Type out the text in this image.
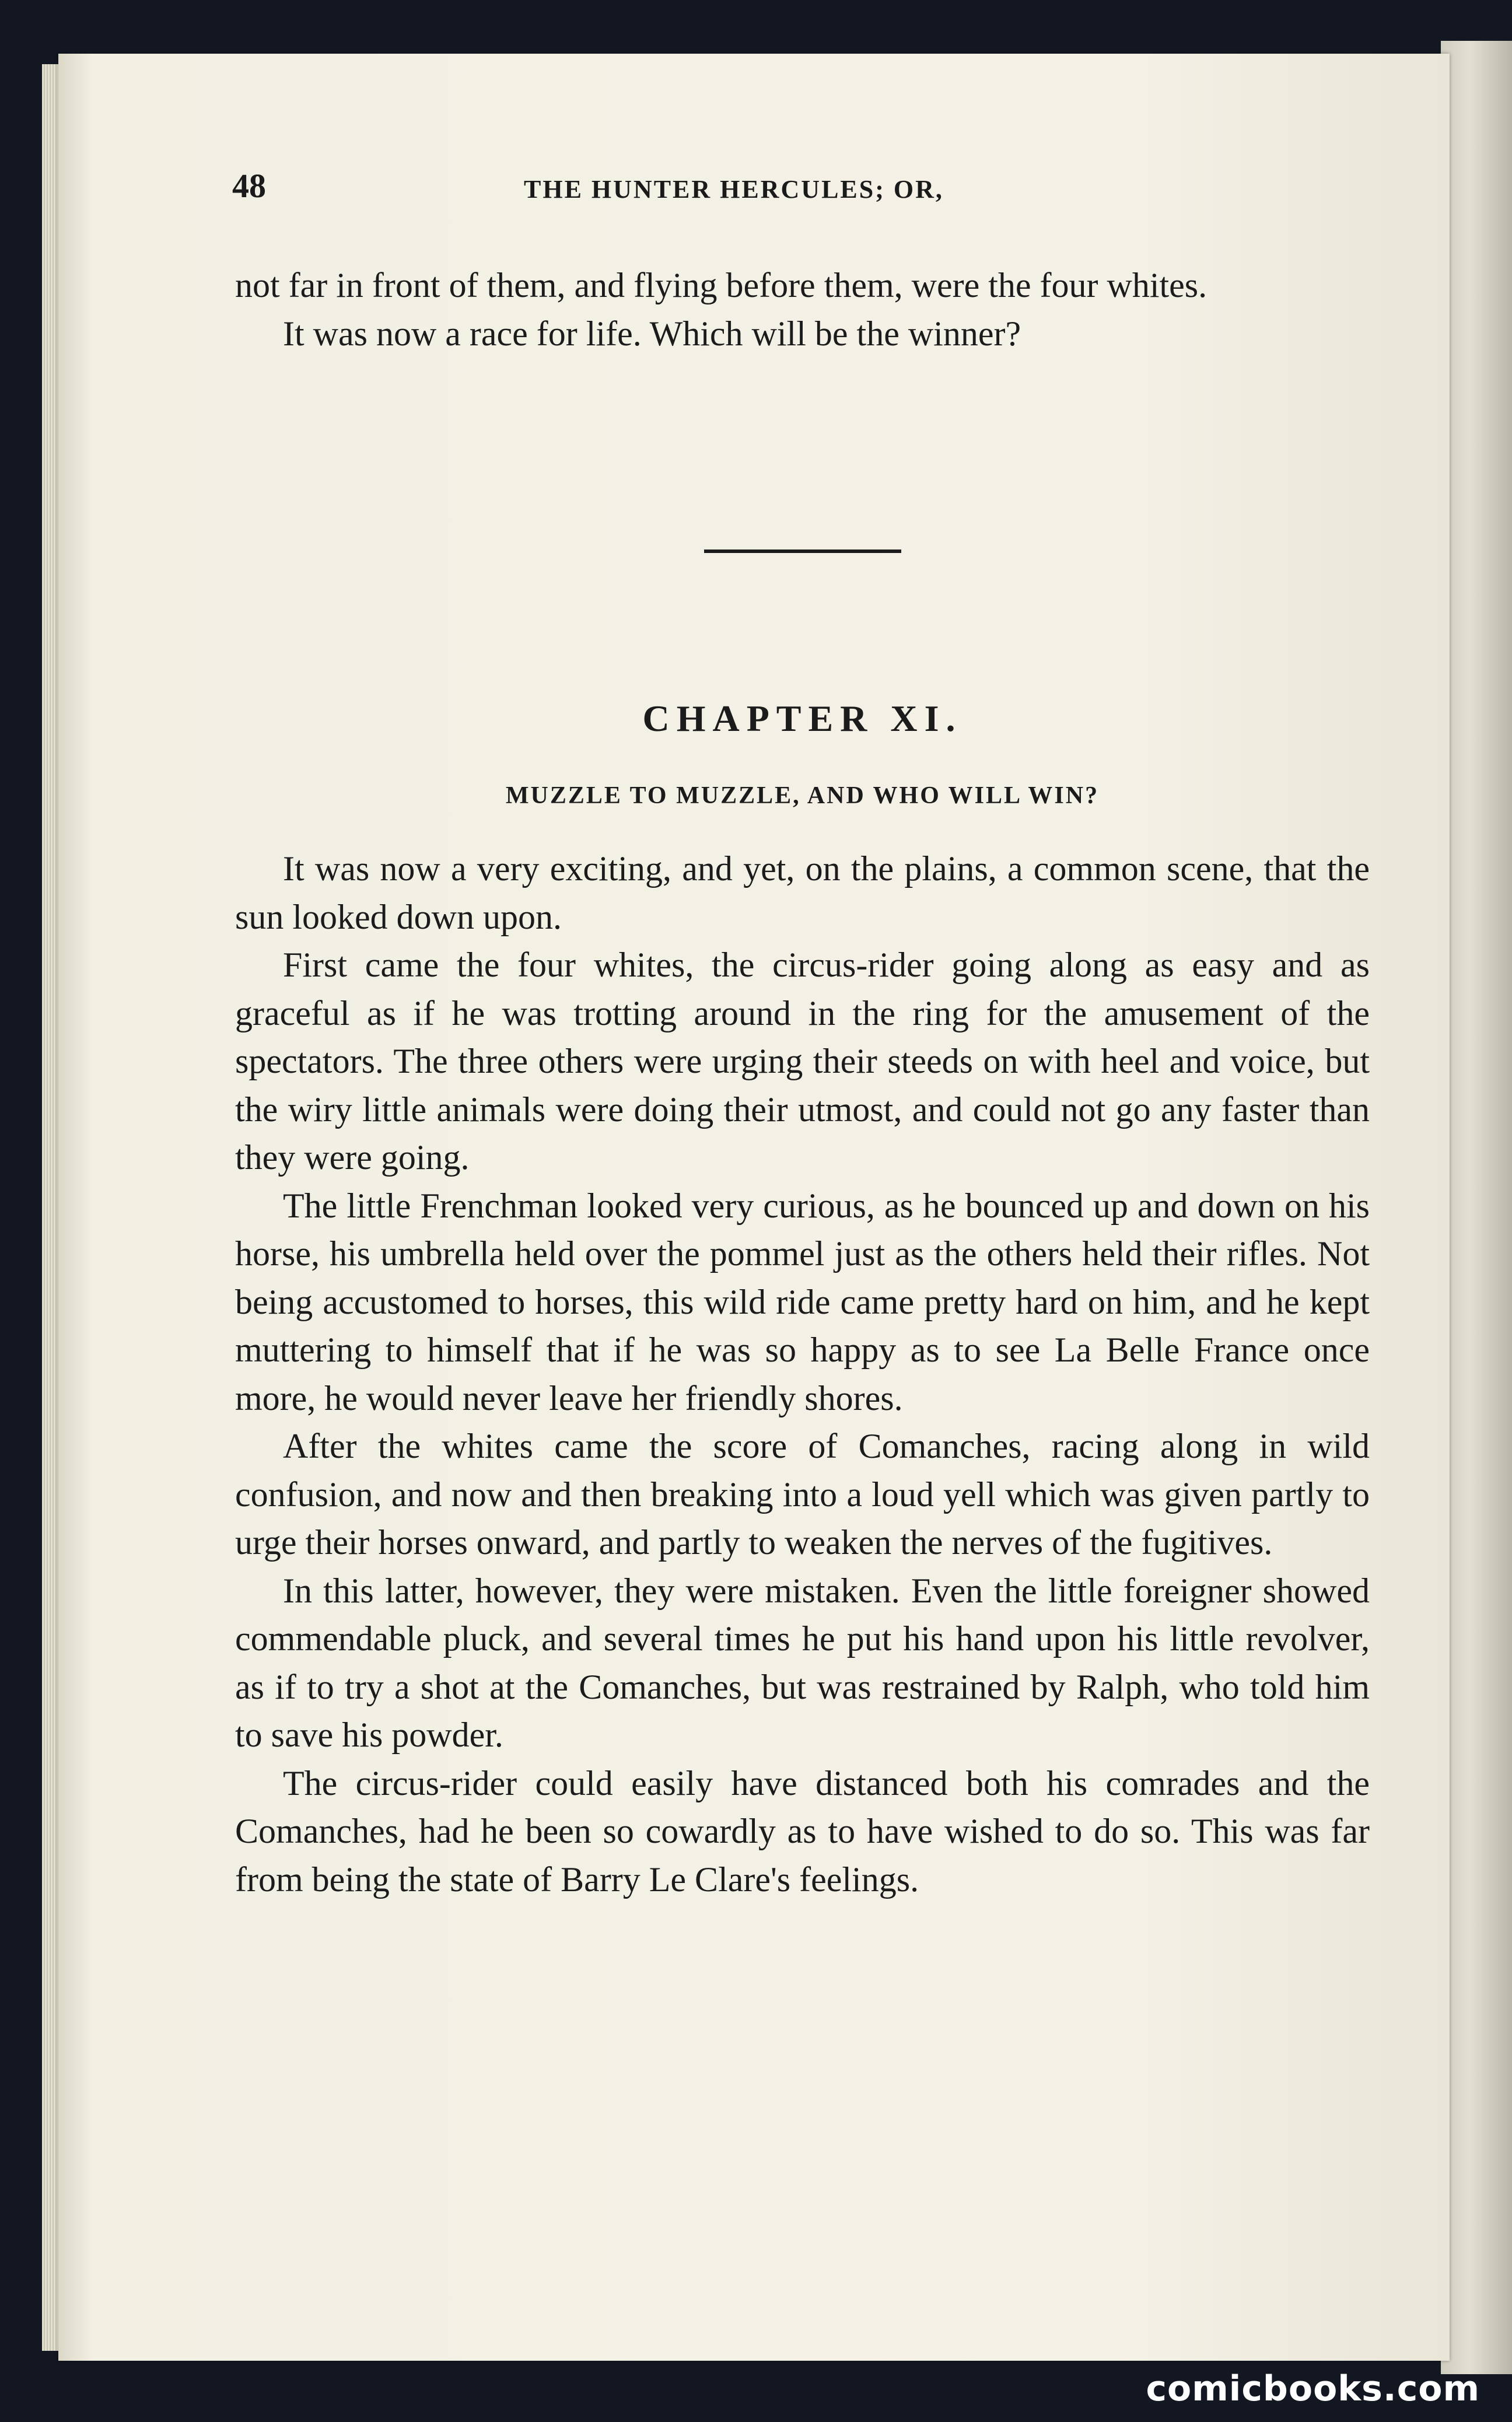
48	THE HUNTER HERCULES; OR,

not far in front of them, and flying before them, were the four whites.

It was now a race for life. Which will be the winner?

CHAPTER XI.
MUZZLE TO MUZZLE, AND WHO WILL WIN?

It was now a very exciting, and yet, on the plains, a common scene, that the sun looked down upon.

First came the four whites, the circus-rider going along as easy and as graceful as if he was trotting around in the ring for the amusement of the spectators. The three others were urging their steeds on with heel and voice, but the wiry little animals were doing their utmost, and could not go any faster than they were going.

The little Frenchman looked very curious, as he bounced up and down on his horse, his umbrella held over the pommel just as the others held their rifles. Not being accustomed to horses, this wild ride came pretty hard on him, and he kept muttering to himself that if he was so happy as to see La Belle France once more, he would never leave her friendly shores.

After the whites came the score of Comanches, racing along in wild confusion, and now and then breaking into a loud yell which was given partly to urge their horses onward, and partly to weaken the nerves of the fugitives.

In this latter, however, they were mistaken. Even the little foreigner showed commendable pluck, and several times he put his hand upon his little revolver, as if to try a shot at the Comanches, but was restrained by Ralph, who told him to save his powder.

The circus-rider could easily have distanced both his comrades and the Comanches, had he been so cowardly as to have wished to do so. This was far from being the state of Barry Le Clare's feelings.

comicbooks.com
